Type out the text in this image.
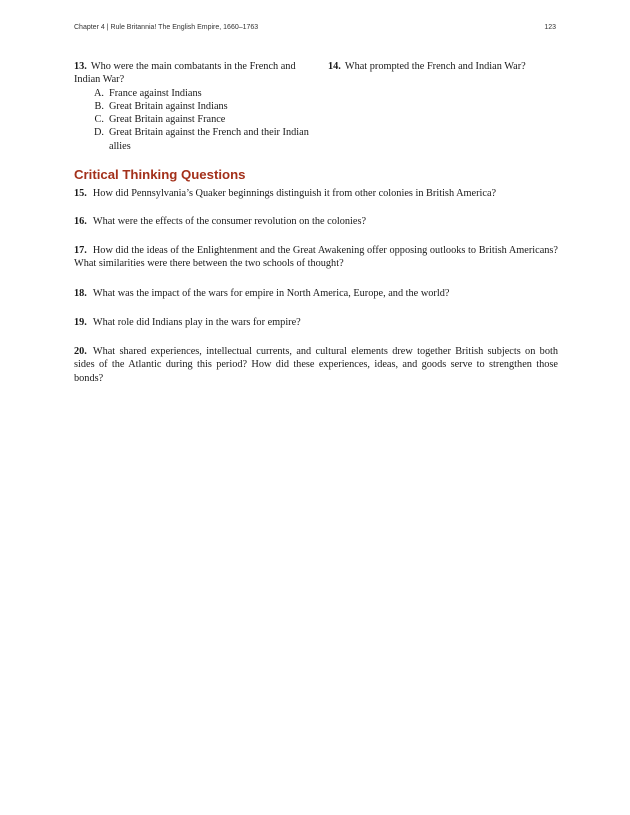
Chapter 4 | Rule Britannia! The English Empire, 1660–1763	123

13. Who were the main combatants in the French and Indian War?

A. France against Indians
B. Great Britain against Indians
C. Great Britain against France
D. Great Britain against the French and their Indian allies

14. What prompted the French and Indian War?

Critical Thinking Questions

15. How did Pennsylvania’s Quaker beginnings distinguish it from other colonies in British America?

16. What were the effects of the consumer revolution on the colonies?

17. How did the ideas of the Enlightenment and the Great Awakening offer opposing outlooks to British Americans? What similarities were there between the two schools of thought?

18. What was the impact of the wars for empire in North America, Europe, and the world?

19. What role did Indians play in the wars for empire?

20. What shared experiences, intellectual currents, and cultural elements drew together British subjects on both sides of the Atlantic during this period? How did these experiences, ideas, and goods serve to strengthen those bonds?
